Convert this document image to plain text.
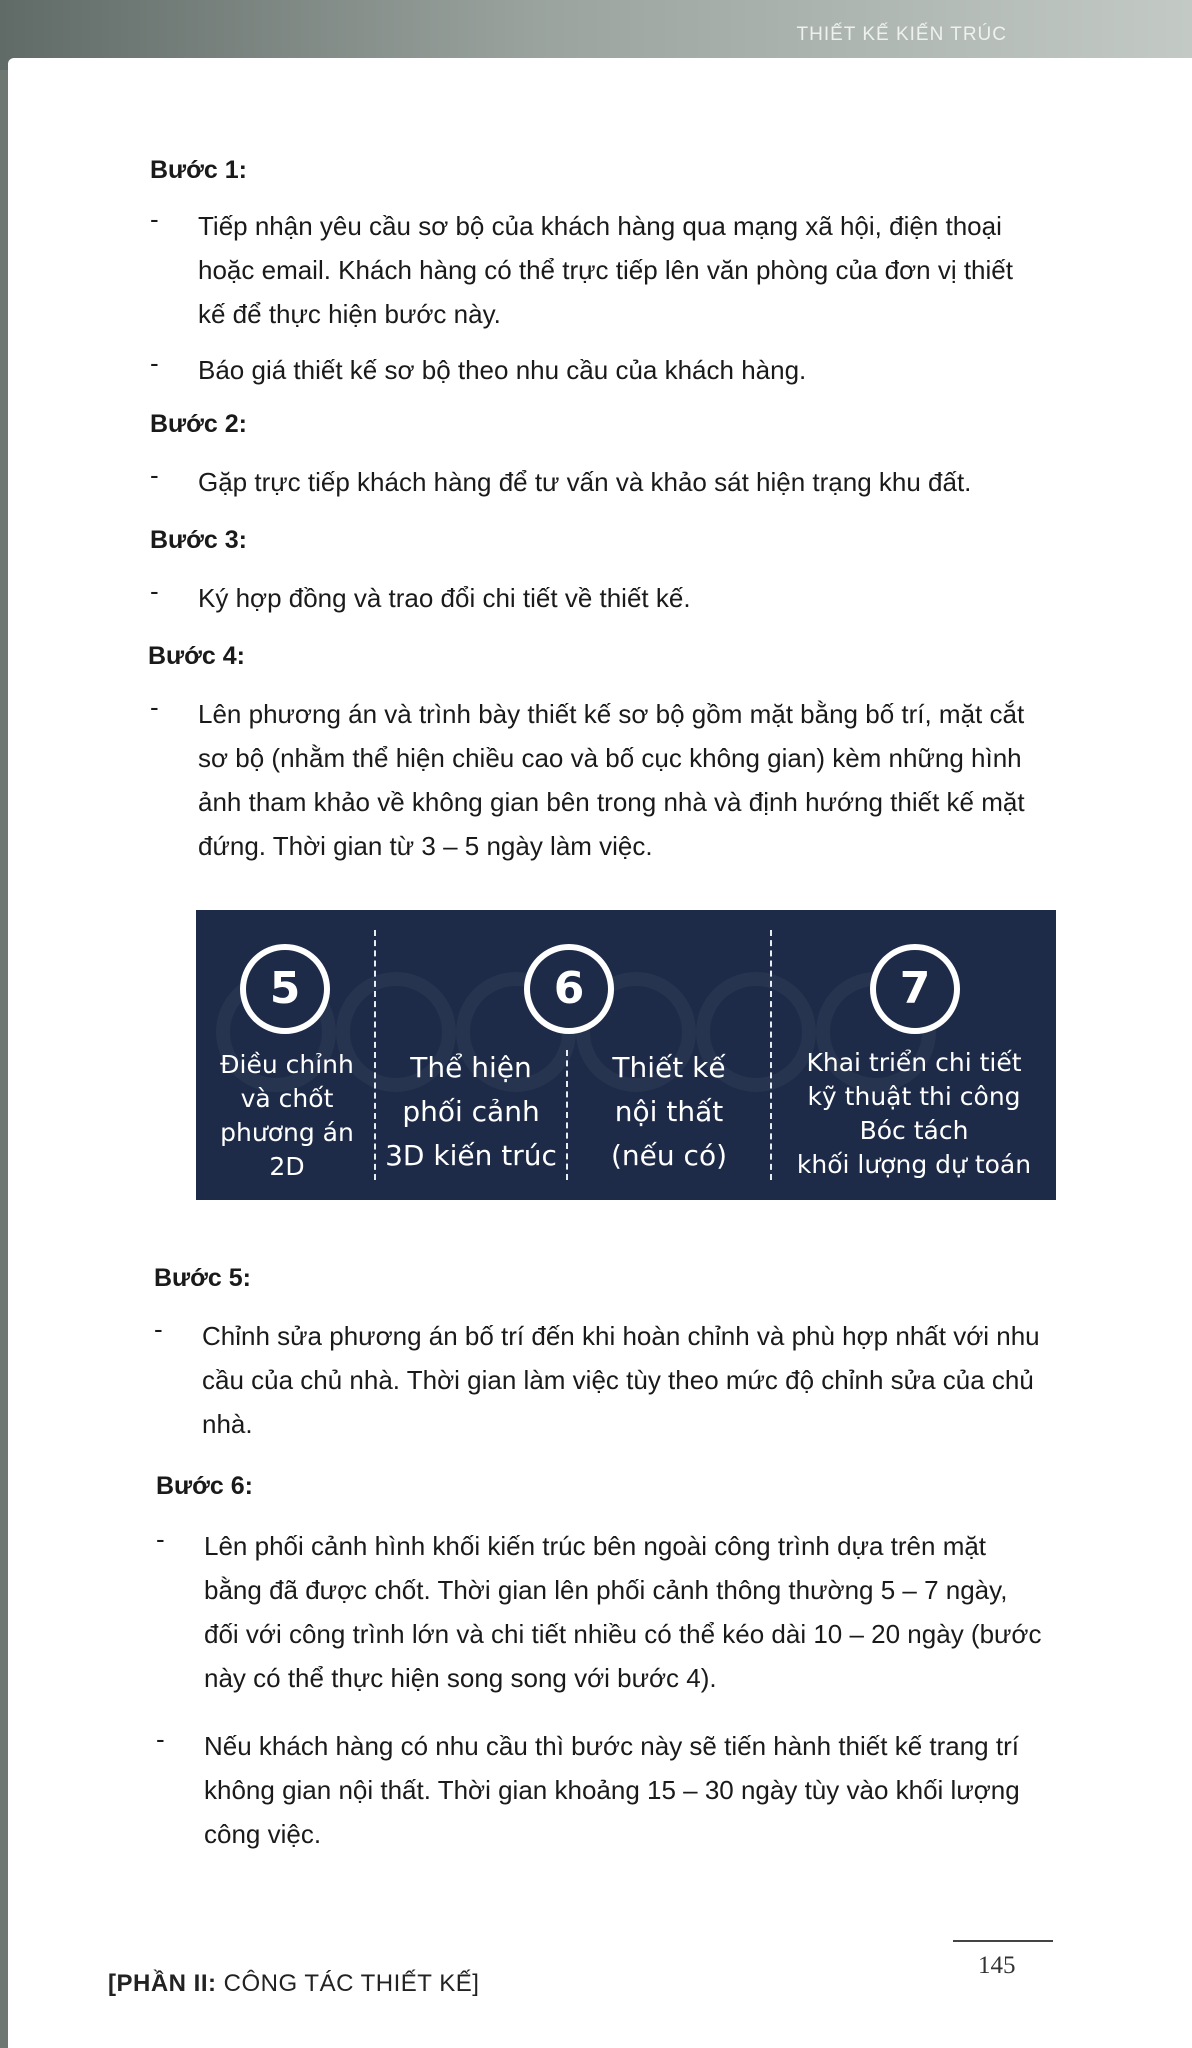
THIẾT KẾ KIẾN TRÚC
Bước 1:
-	Tiếp nhận yêu cầu sơ bộ của khách hàng qua mạng xã hội, điện thoại hoặc email. Khách hàng có thể trực tiếp lên văn phòng của đơn vị thiết kế để thực hiện bước này.
-	Báo giá thiết kế sơ bộ theo nhu cầu của khách hàng.
Bước 2:
-	Gặp trực tiếp khách hàng để tư vấn và khảo sát hiện trạng khu đất.
Bước 3:
-	Ký hợp đồng và trao đổi chi tiết về thiết kế.
Bước 4:
-	Lên phương án và trình bày thiết kế sơ bộ gồm mặt bằng bố trí, mặt cắt sơ bộ (nhằm thể hiện chiều cao và bố cục không gian) kèm những hình ảnh tham khảo về không gian bên trong nhà và định hướng thiết kế mặt đứng. Thời gian từ 3 – 5 ngày làm việc.
5	6	7
Điều chỉnh
và chốt
phương án
2D
Thể hiện
phối cảnh
3D kiến trúc
Thiết kế
nội thất
(nếu có)
Khai triển chi tiết
kỹ thuật thi công
Bóc tách
khối lượng dự toán
Bước 5:
-	Chỉnh sửa phương án bố trí đến khi hoàn chỉnh và phù hợp nhất với nhu cầu của chủ nhà. Thời gian làm việc tùy theo mức độ chỉnh sửa của chủ nhà.
Bước 6:
-	Lên phối cảnh hình khối kiến trúc bên ngoài công trình dựa trên mặt bằng đã được chốt. Thời gian lên phối cảnh thông thường 5 – 7 ngày, đối với công trình lớn và chi tiết nhiều có thể kéo dài 10 – 20 ngày (bước này có thể thực hiện song song với bước 4).
-	Nếu khách hàng có nhu cầu thì bước này sẽ tiến hành thiết kế trang trí không gian nội thất. Thời gian khoảng 15 – 30 ngày tùy vào khối lượng công việc.
145
[PHẦN II: CÔNG TÁC THIẾT KẾ]
